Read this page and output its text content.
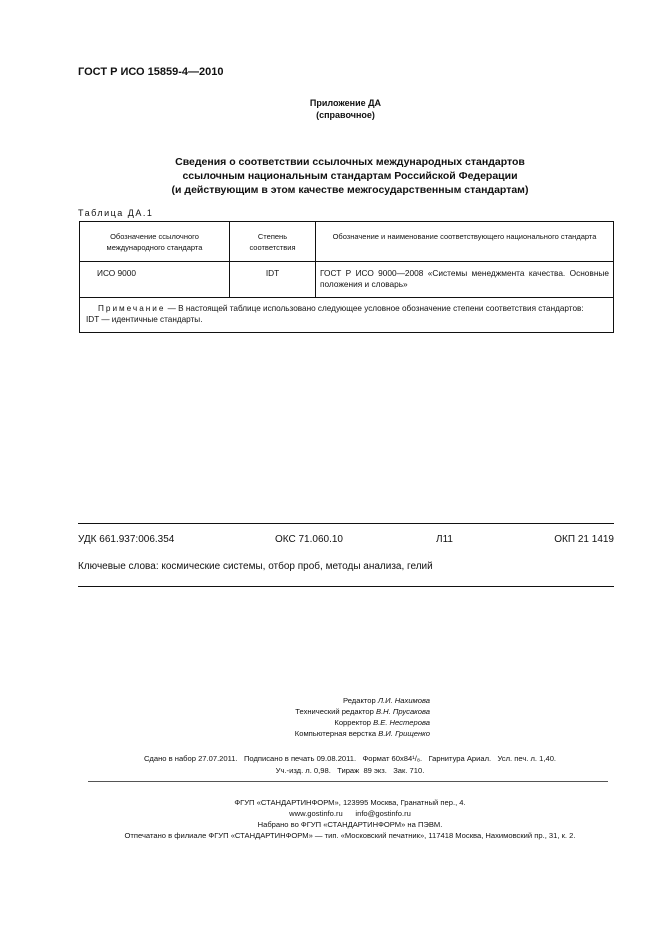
ГОСТ Р ИСО 15859-4—2010
Приложение ДА
(справочное)
Сведения о соответствии ссылочных международных стандартов
ссылочным национальным стандартам Российской Федерации
(и действующим в этом качестве межгосударственным стандартам)
Таблица ДА.1
Обозначение ссылочного международного стандарта	Степень соответствия	Обозначение и наименование соответствующего национального стандарта
ИСО 9000	IDT	ГОСТ Р ИСО 9000—2008 «Системы менеджмента качества. Основные положения и словарь»

Примечание — В настоящей таблице использовано следующее условное обозначение степени соответствия стандартов:
IDT — идентичные стандарты.		
УДК 661.937:006.354	ОКС 71.060.10	Л11	ОКП 21 1419
Ключевые слова: космические системы, отбор проб, методы анализа, гелий
Редактор Л.И. Нахимова
Технический редактор В.Н. Прусакова
Корректор В.Е. Нестерова
Компьютерная верстка В.И. Грищенко
Сдано в набор 27.07.2011.   Подписано в печать 09.08.2011.   Формат 60х84¹/₈.   Гарнитура Ариал.   Усл. печ. л. 1,40.
Уч.-изд. л. 0,98.   Тираж  89 экз.   Зак. 710.
ФГУП «СТАНДАРТИНФОРМ», 123995 Москва, Гранатный пер., 4.
www.gostinfo.ru      info@gostinfo.ru
Набрано во ФГУП «СТАНДАРТИНФОРМ» на ПЭВМ.
Отпечатано в филиале ФГУП «СТАНДАРТИНФОРМ» — тип. «Московский печатник», 117418 Москва, Нахимовский пр., 31, к. 2.
